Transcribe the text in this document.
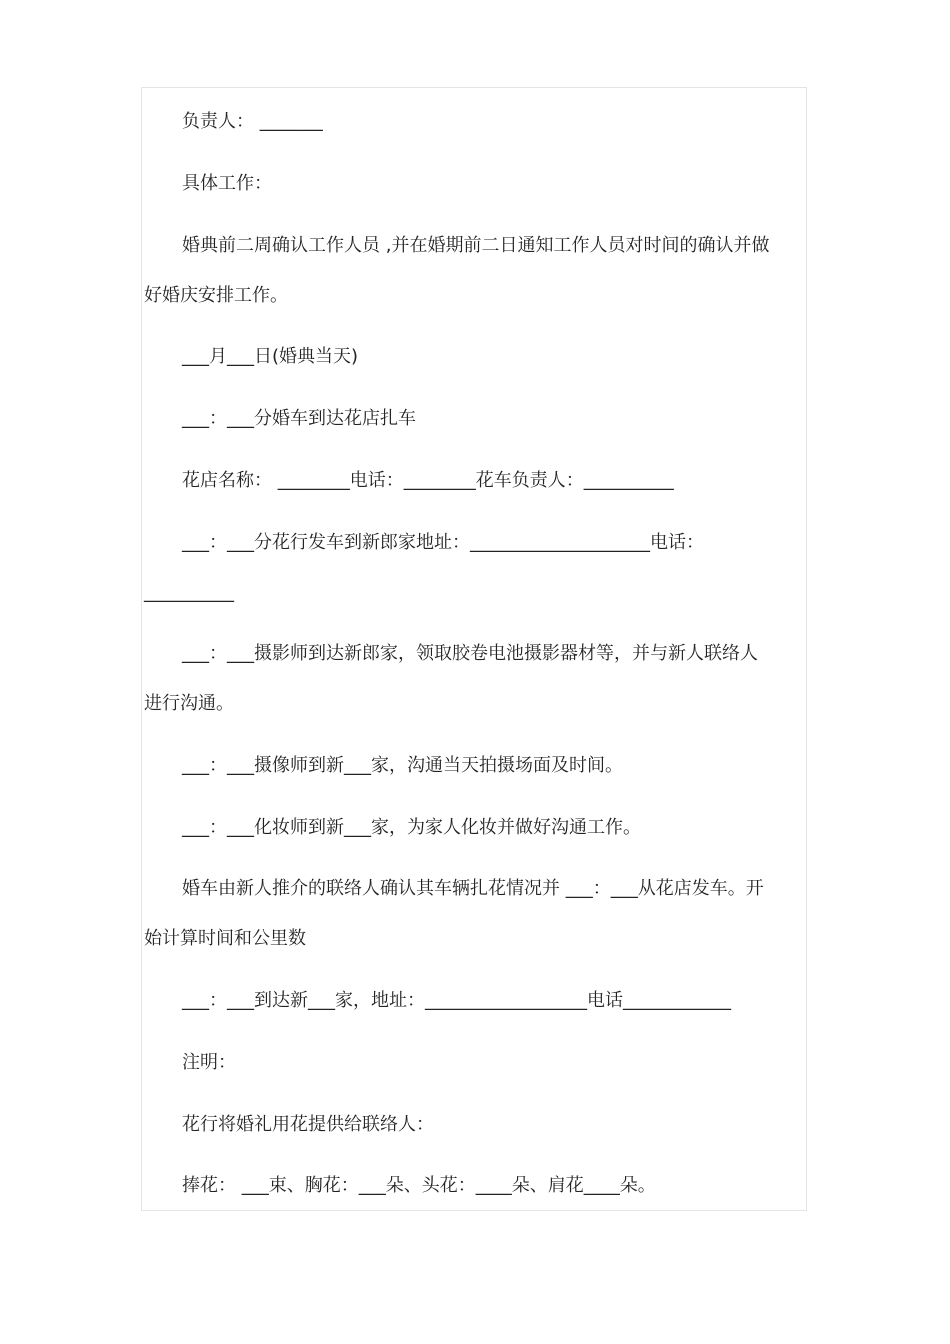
负责人： _______
具体工作：
婚典前二周确认工作人员 ,并在婚期前二日通知工作人员对时间的确认并做
好婚庆安排工作。
___月___日(婚典当天)
___：___分婚车到达花店扎车
花店名称： ________电话：________花车负责人：__________
___：___分花行发车到新郎家地址：____________________电话：
__________
___：___摄影师到达新郎家，领取胶卷电池摄影器材等，并与新人联络人
进行沟通。
___：___摄像师到新___家，沟通当天拍摄场面及时间。
___：___化妆师到新___家，为家人化妆并做好沟通工作。
婚车由新人推介的联络人确认其车辆扎花情况并 ___：___从花店发车。开
始计算时间和公里数
___：___到达新___家，地址：__________________电话____________
注明：
花行将婚礼用花提供给联络人：
捧花： ___束、胸花：___朵、头花：____朵、肩花____朵。
